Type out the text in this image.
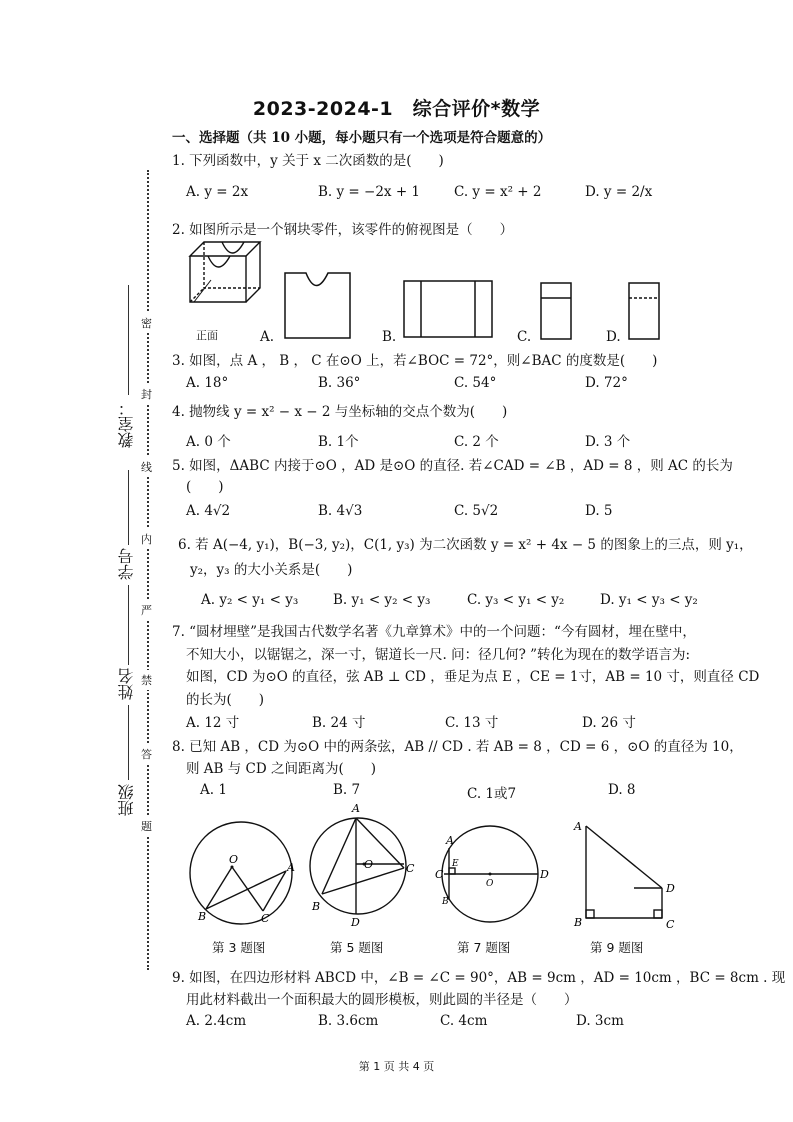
2023-2024-1　综合评价*数学
教室：
学号
姓名
班级
密
封
线
内
严
禁
答
题
一、选择题（共 10 小题，每小题只有一个选项是符合题意的）
1. 下列函数中，y 关于 x 二次函数的是(　　)
A. y = 2x	B. y = −2x + 1	C. y = x² + 2	D. y = 2/x
2. 如图所示是一个钢块零件，该零件的俯视图是（　　）
正面	A.	B.	C.	D.
3. 如图，点 A ， B ， C 在⊙O 上，若∠BOC = 72°，则∠BAC 的度数是(　　)
A. 18°	B. 36°	C. 54°	D. 72°
4. 抛物线 y = x² − x − 2 与坐标轴的交点个数为(　　)
A. 0 个	B. 1个	C. 2 个	D. 3 个
5. 如图，ΔABC 内接于⊙O ，AD 是⊙O 的直径. 若∠CAD = ∠B ，AD = 8 ，则 AC 的长为
(　　)
A. 4√2	B. 4√3	C. 5√2	D. 5
6. 若 A(−4, y₁)，B(−3, y₂)，C(1, y₃) 为二次函数 y = x² + 4x − 5 的图象上的三点，则 y₁，
y₂，y₃ 的大小关系是(　　)
A. y₂ < y₁ < y₃	B. y₁ < y₂ < y₃	C. y₃ < y₁ < y₂	D. y₁ < y₃ < y₂
7. “圆材埋壁”是我国古代数学名著《九章算术》中的一个问题：“今有圆材，埋在壁中，
不知大小，以锯锯之，深一寸，锯道长一尺. 问：径几何? ”转化为现在的数学语言为:
如图，CD 为⊙O 的直径，弦 AB ⊥ CD ，垂足为点 E ，CE = 1寸，AB = 10 寸，则直径 CD
的长为(　　)
A. 12 寸	B. 24 寸	C. 13 寸	D. 26 寸
8. 已知 AB ，CD 为⊙O 中的两条弦，AB // CD . 若 AB = 8 ，CD = 6 ，⊙O 的直径为 10，
则 AB 与 CD 之间距离为(　　)
A. 1	B. 7	C. 1或7	D. 8
O
A
B	C
第 3 题图
A
O	C
B
D
第 5 题图
A
E
C
O
D
B
第 7 题图
A
D
B	C
第 9 题图
9. 如图，在四边形材料 ABCD 中，∠B = ∠C = 90°，AB = 9cm ，AD = 10cm ，BC = 8cm . 现
用此材料截出一个面积最大的圆形模板，则此圆的半径是（　　）
A. 2.4cm	B. 3.6cm	C. 4cm	D. 3cm
第 1 页 共 4 页
